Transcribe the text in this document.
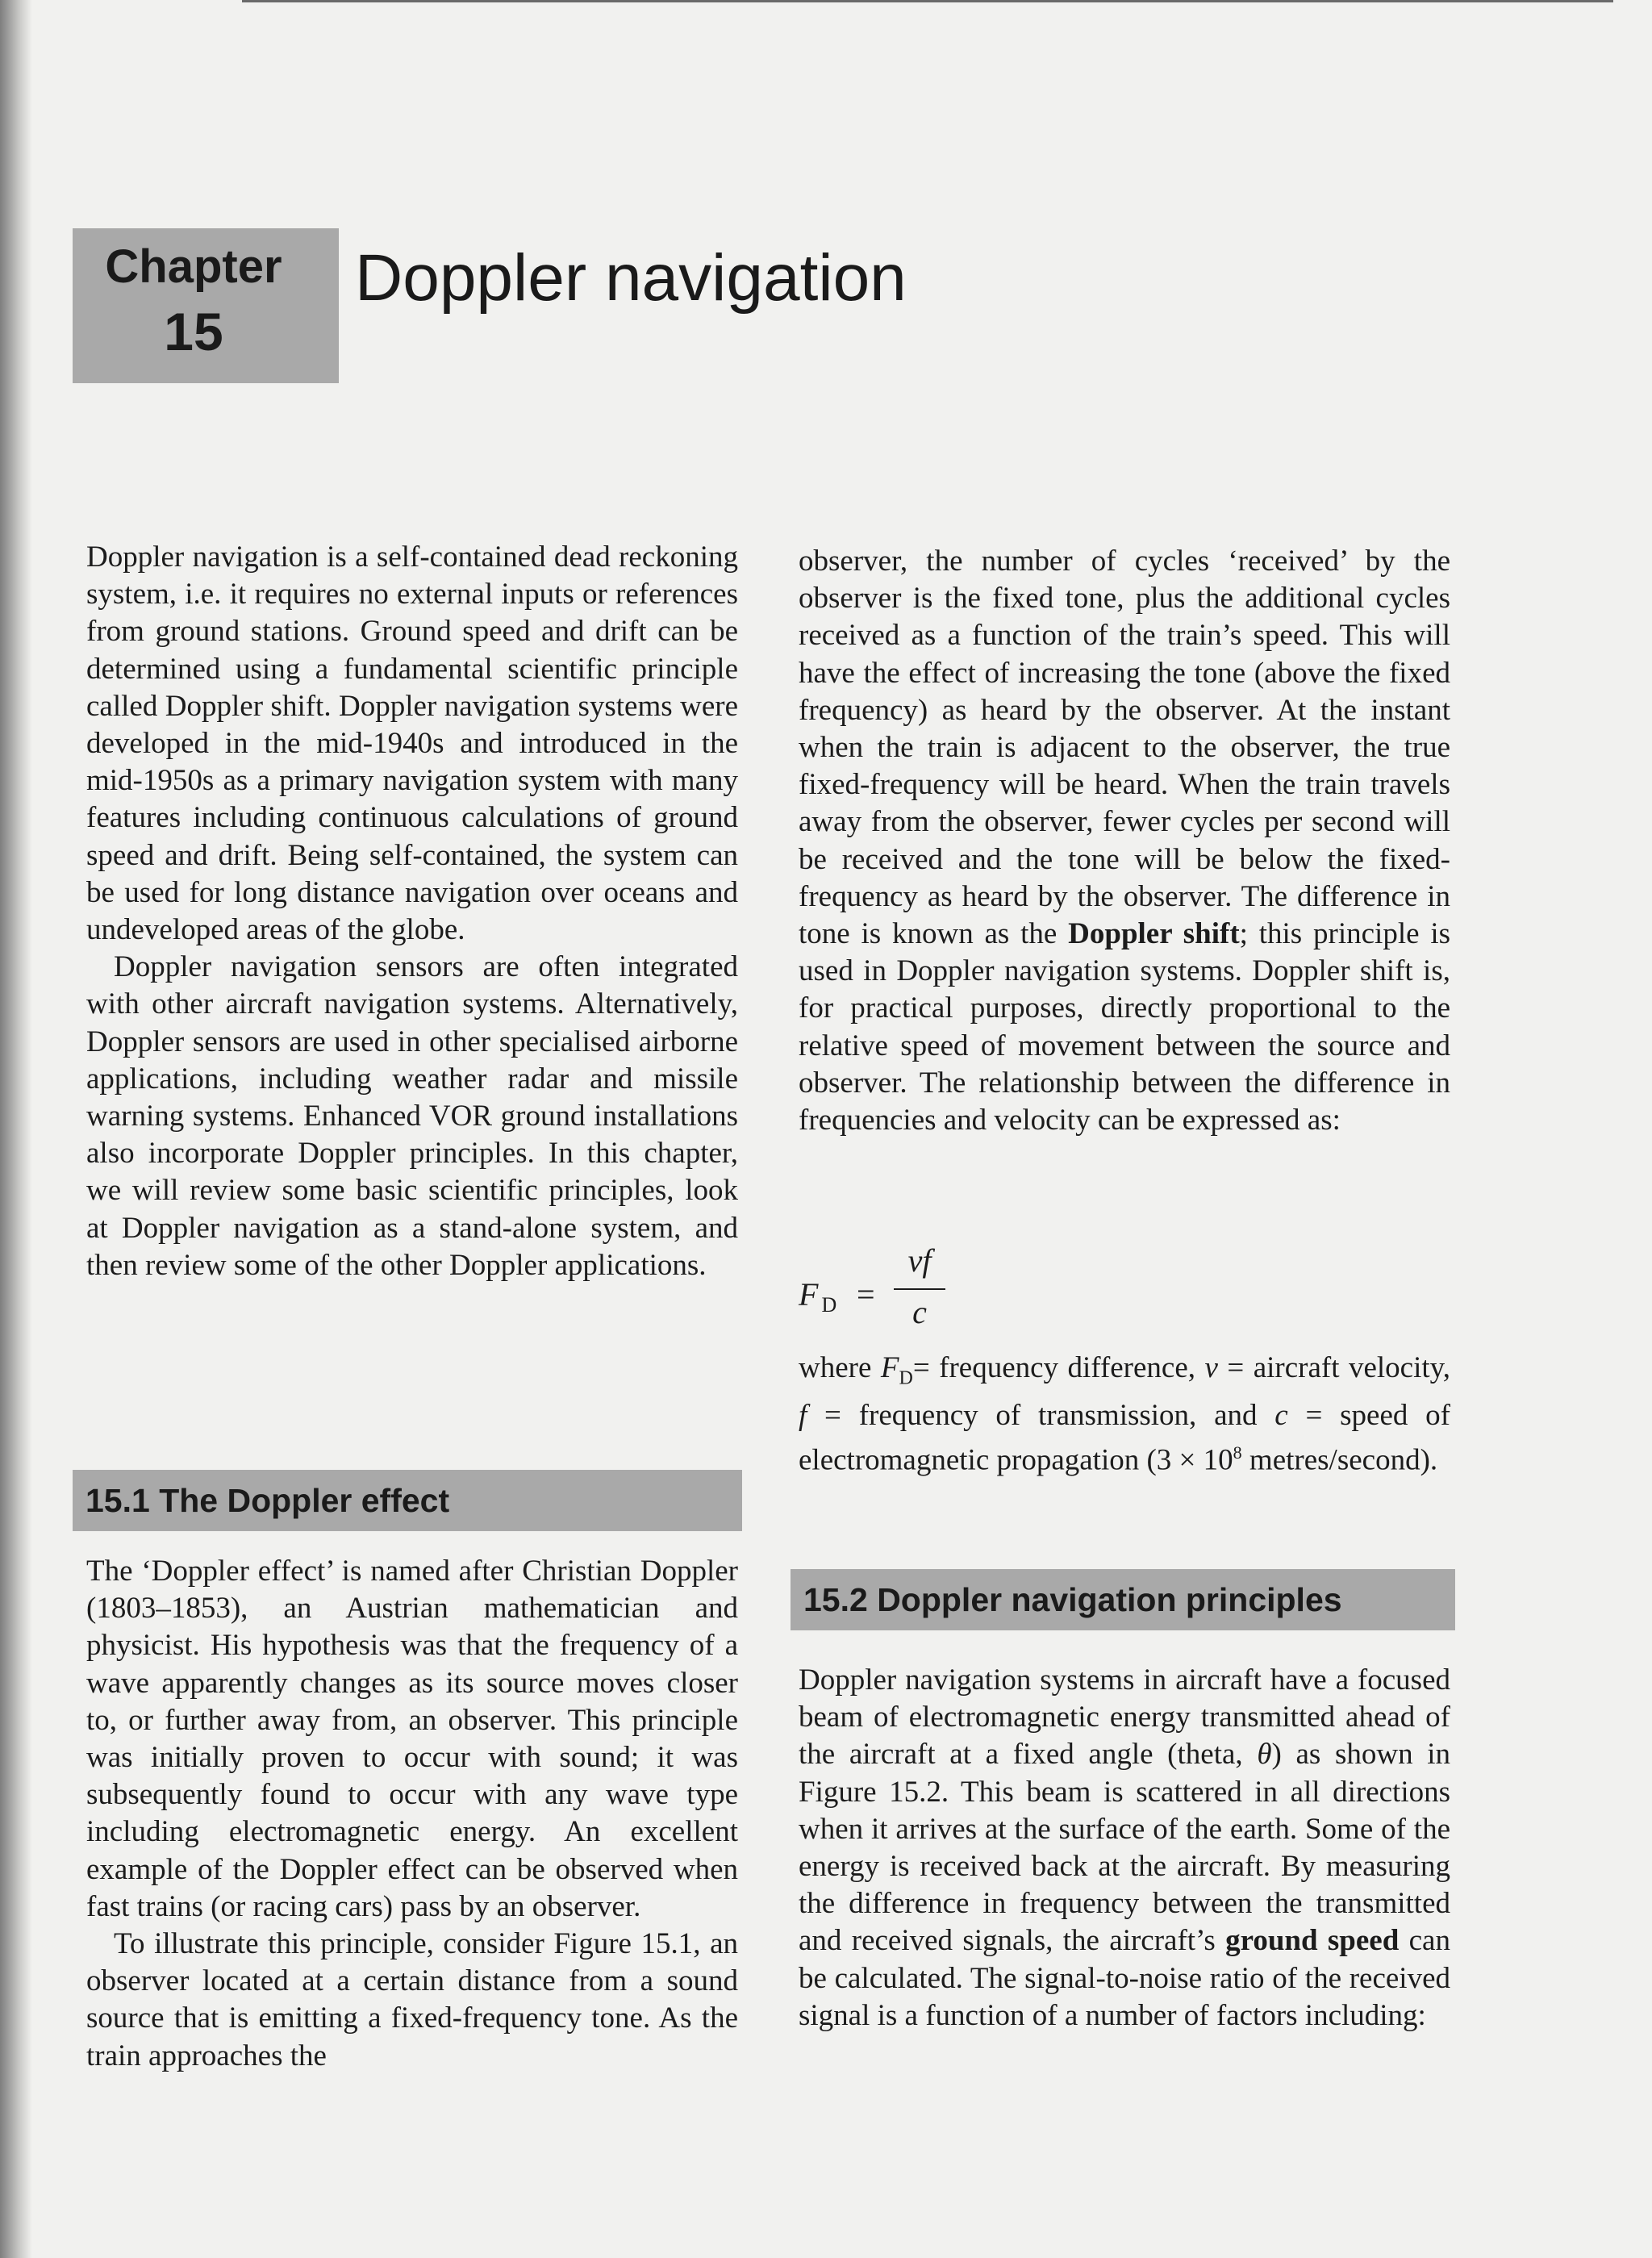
Chapter
15
Doppler navigation

Doppler navigation is a self-contained dead reckoning system, i.e. it requires no external inputs or references from ground stations. Ground speed and drift can be determined using a fundamental scientific principle called Doppler shift. Doppler navigation systems were developed in the mid-1940s and introduced in the mid-1950s as a primary navigation system with many features including continuous calculations of ground speed and drift. Being self-contained, the system can be used for long distance navigation over oceans and undeveloped areas of the globe.

Doppler navigation sensors are often integrated with other aircraft navigation systems. Alternatively, Doppler sensors are used in other specialised airborne applications, including weather radar and missile warning systems. Enhanced VOR ground installations also incorporate Doppler principles. In this chapter, we will review some basic scientific principles, look at Doppler navigation as a stand-alone system, and then review some of the other Doppler applications.

15.1 The Doppler effect

The ‘Doppler effect’ is named after Christian Doppler (1803–1853), an Austrian mathematician and physicist. His hypothesis was that the frequency of a wave apparently changes as its source moves closer to, or further away from, an observer. This principle was initially proven to occur with sound; it was subsequently found to occur with any wave type including electromagnetic energy. An excellent example of the Doppler effect can be observed when fast trains (or racing cars) pass by an observer.

To illustrate this principle, consider Figure 15.1, an observer located at a certain distance from a sound source that is emitting a fixed-frequency tone. As the train approaches the

observer, the number of cycles ‘received’ by the observer is the fixed tone, plus the additional cycles received as a function of the train’s speed. This will have the effect of increasing the tone (above the fixed frequency) as heard by the observer. At the instant when the train is adjacent to the observer, the true fixed-frequency will be heard. When the train travels away from the observer, fewer cycles per second will be received and the tone will be below the fixed-frequency as heard by the observer. The difference in tone is known as the Doppler shift; this principle is used in Doppler navigation systems. Doppler shift is, for practical purposes, directly proportional to the relative speed of movement between the source and observer. The relationship between the difference in frequencies and velocity can be expressed as:

F $_D$ =
vf
c

where $F_D=$ frequency difference, v = aircraft velocity, f = frequency of transmission, and c = speed of electromagnetic propagation ($3 \times 10^8$ metres/second).

15.2 Doppler navigation principles

Doppler navigation systems in aircraft have a focused beam of electromagnetic energy transmitted ahead of the aircraft at a fixed angle (theta, θ) as shown in Figure 15.2. This beam is scattered in all directions when it arrives at the surface of the earth. Some of the energy is received back at the aircraft. By measuring the difference in frequency between the transmitted and received signals, the aircraft’s ground speed can be calculated. The signal-to-noise ratio of the received signal is a function of a number of factors including:
